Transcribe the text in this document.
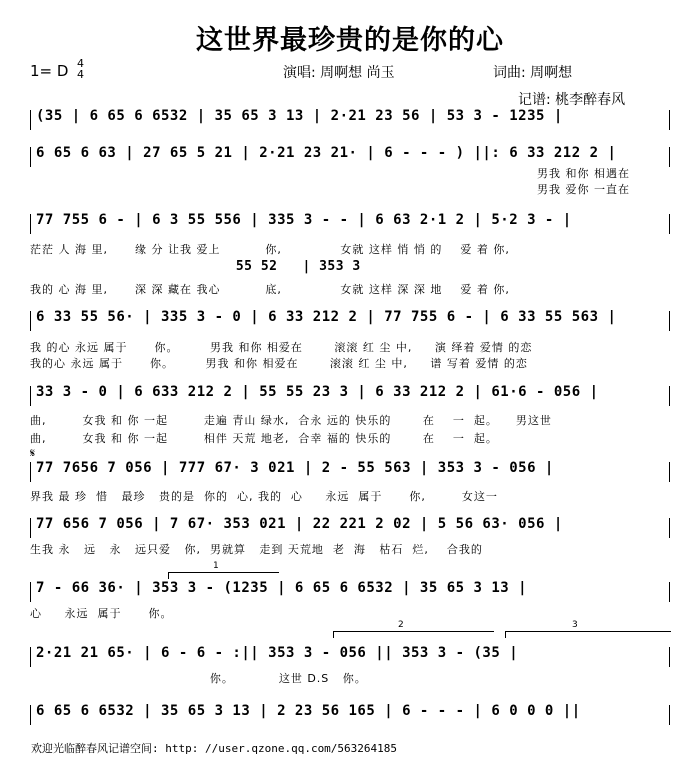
这世界最珍贵的是你的心
1= D 4
4	演唱: 周啊想 尚玉	词曲: 周啊想
记谱: 桃李醉春风
(35 | 6 65 6 6532 | 35 65 3 13 | 2·21 23 56 | 53 3 - 1235 |
6 65 6 63 | 27 65 5 21 | 2·21 23 21· | 6 - - - ) ||: 6 33 212 2 |
男我 和你 相遇在
男我 爱你 一直在
77 755 6 - | 6 3 55 556 | 335 3 - - | 6 63 2·1 2 | 5·2 3 - |
茫茫 人 海 里,      缘 分 让我 爱上          你,             女就 这样 悄 悄 的    爱 着 你,
55 52   | 353 3
我的 心 海 里,      深 深 藏在 我心          底,             女就 这样 深 深 地    爱 着 你,
6 33 55 56· | 335 3 - 0 | 6 33 212 2 | 77 755 6 - | 6 33 55 563 |
我 的心 永远 属于      你。       男我 和你 相爱在       滚滚 红 尘 中,     演 绎着 爱情 的恋
我的心 永远 属于      你。       男我 和你 相爱在       滚滚 红 尘 中,     谱 写着 爱情 的恋
33 3 - 0 | 6 633 212 2 | 55 55 23 3 | 6 33 212 2 | 61·6 - 056 |
曲,        女我 和 你 一起        走遍 青山 绿水,  合永 远的 快乐的       在    一  起。    男这世
曲,        女我 和 你 一起        相伴 天荒 地老,  合幸 福的 快乐的       在    一  起。
𝄋
77 7656 7 056 | 777 67· 3 021 | 2 - 55 563 | 353 3 - 056 |
界我 最 珍  惜   最珍   贵的是  你的  心, 我的  心     永远  属于      你,        女这一
77 656 7 056 | 7 67· 353 021 | 22 221 2 02 | 5 56 63· 056 |
生我 永   远   永   远只爱   你,  男就算   走到 天荒地  老  海   枯石  烂,    合我的
1
7 - 66 36· | 353 3 - (1235 | 6 65 6 6532 | 35 65 3 13 |
心     永远  属于      你。
2	3
2·21 21 65· | 6 - 6 - :|| 353 3 - 056 || 353 3 - (35 |
你。          这世 D.S   你。
6 65 6 6532 | 35 65 3 13 | 2 23 56 165 | 6 - - - | 6 0 0 0 ||
欢迎光临醉春风记谱空间: http: //user.qzone.qq.com/563264185
